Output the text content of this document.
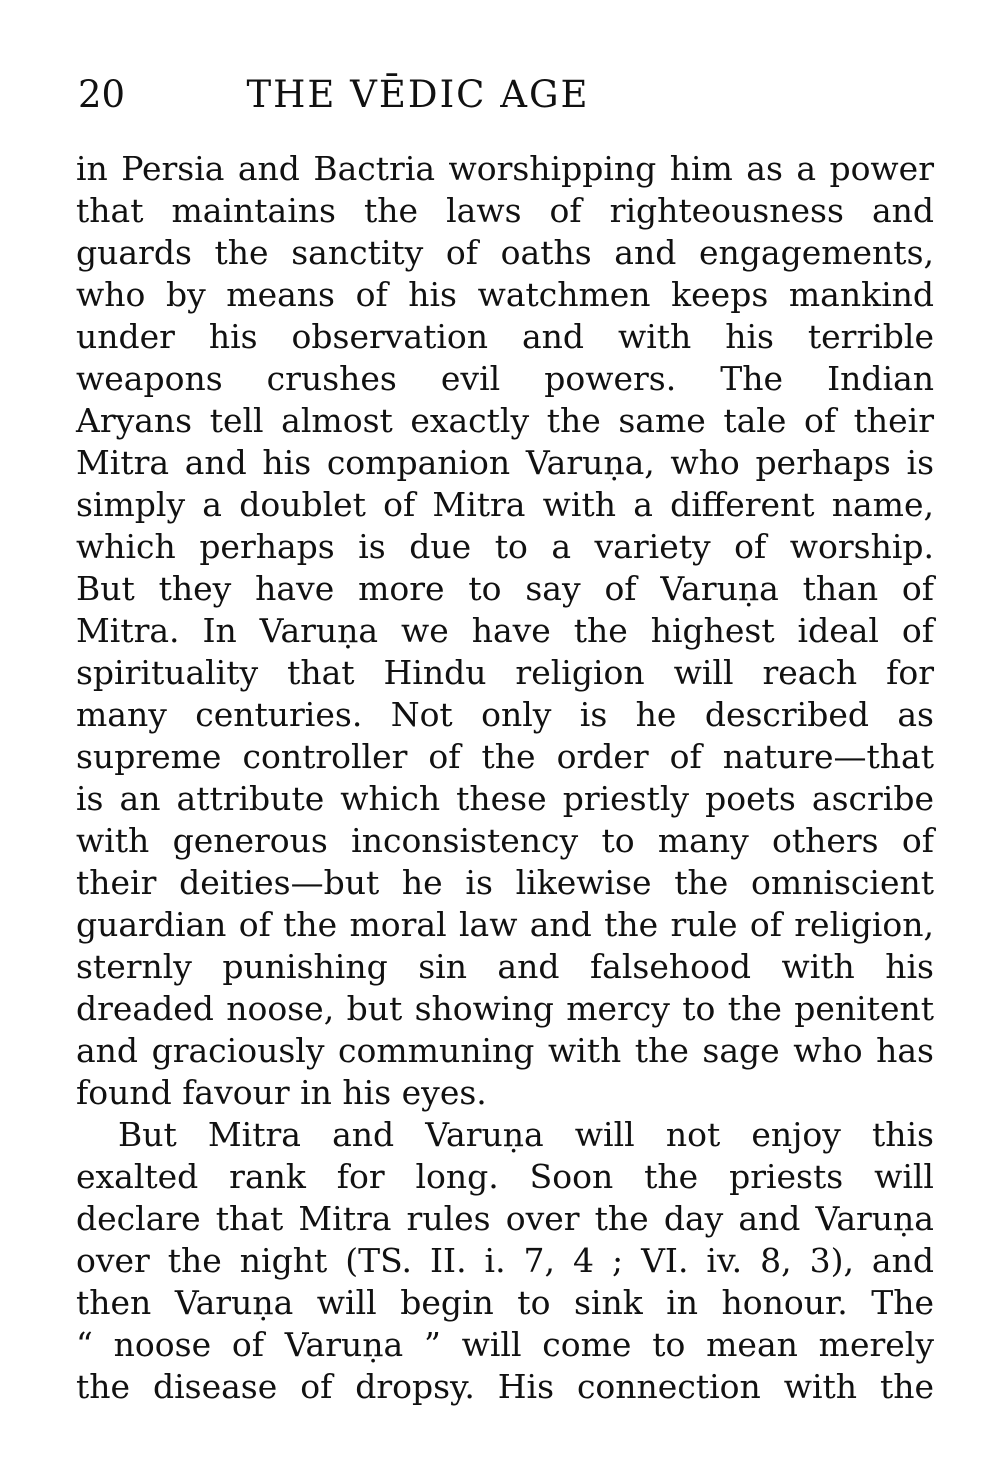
20	THE VĒDIC AGE
in Persia and Bactria worshipping him as a power
that maintains the laws of righteousness and
guards the sanctity of oaths and engagements,
who by means of his watchmen keeps mankind
under his observation and with his terrible
weapons crushes evil powers. The Indian
Aryans tell almost exactly the same tale of their
Mitra and his companion Varuṇa, who perhaps is
simply a doublet of Mitra with a different name,
which perhaps is due to a variety of worship.
But they have more to say of Varuṇa than of
Mitra. In Varuṇa we have the highest ideal of
spirituality that Hindu religion will reach for
many centuries. Not only is he described as
supreme controller of the order of nature—that
is an attribute which these priestly poets ascribe
with generous inconsistency to many others of
their deities—but he is likewise the omniscient
guardian of the moral law and the rule of religion,
sternly punishing sin and falsehood with his
dreaded noose, but showing mercy to the penitent
and graciously communing with the sage who has
found favour in his eyes.
But Mitra and Varuṇa will not enjoy this
exalted rank for long. Soon the priests will
declare that Mitra rules over the day and Varuṇa
over the night (TS. II. i. 7, 4 ; VI. iv. 8, 3), and
then Varuṇa will begin to sink in honour. The
“ noose of Varuṇa ” will come to mean merely
the disease of dropsy. His connection with the
